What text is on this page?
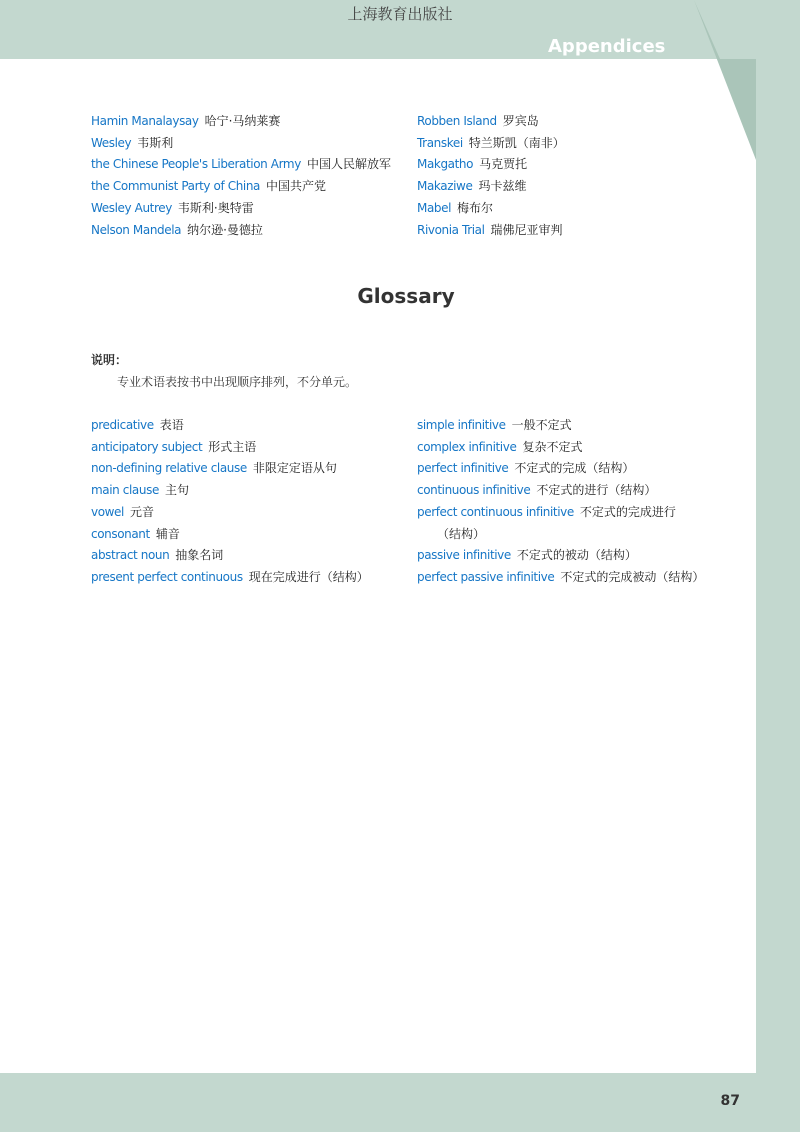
上海教育出版社
Appendices
Hamin Manalaysay 哈宁·马纳莱赛
Wesley 韦斯利
the Chinese People's Liberation Army 中国人民解放军
the Communist Party of China 中国共产党
Wesley Autrey 韦斯利·奥特雷
Nelson Mandela 纳尔逊·曼德拉
Robben Island 罗宾岛
Transkei 特兰斯凯（南非）
Makgatho 马克贾托
Makaziwe 玛卡兹维
Mabel 梅布尔
Rivonia Trial 瑞佛尼亚审判
Glossary
说明：
专业术语表按书中出现顺序排列，不分单元。
predicative 表语
anticipatory subject 形式主语
non-defining relative clause 非限定定语从句
main clause 主句
vowel 元音
consonant 辅音
abstract noun 抽象名词
present perfect continuous 现在完成进行（结构）
simple infinitive 一般不定式
complex infinitive 复杂不定式
perfect infinitive 不定式的完成（结构）
continuous infinitive 不定式的进行（结构）
perfect continuous infinitive 不定式的完成进行
（结构）
passive infinitive 不定式的被动（结构）
perfect passive infinitive 不定式的完成被动（结构）
87
